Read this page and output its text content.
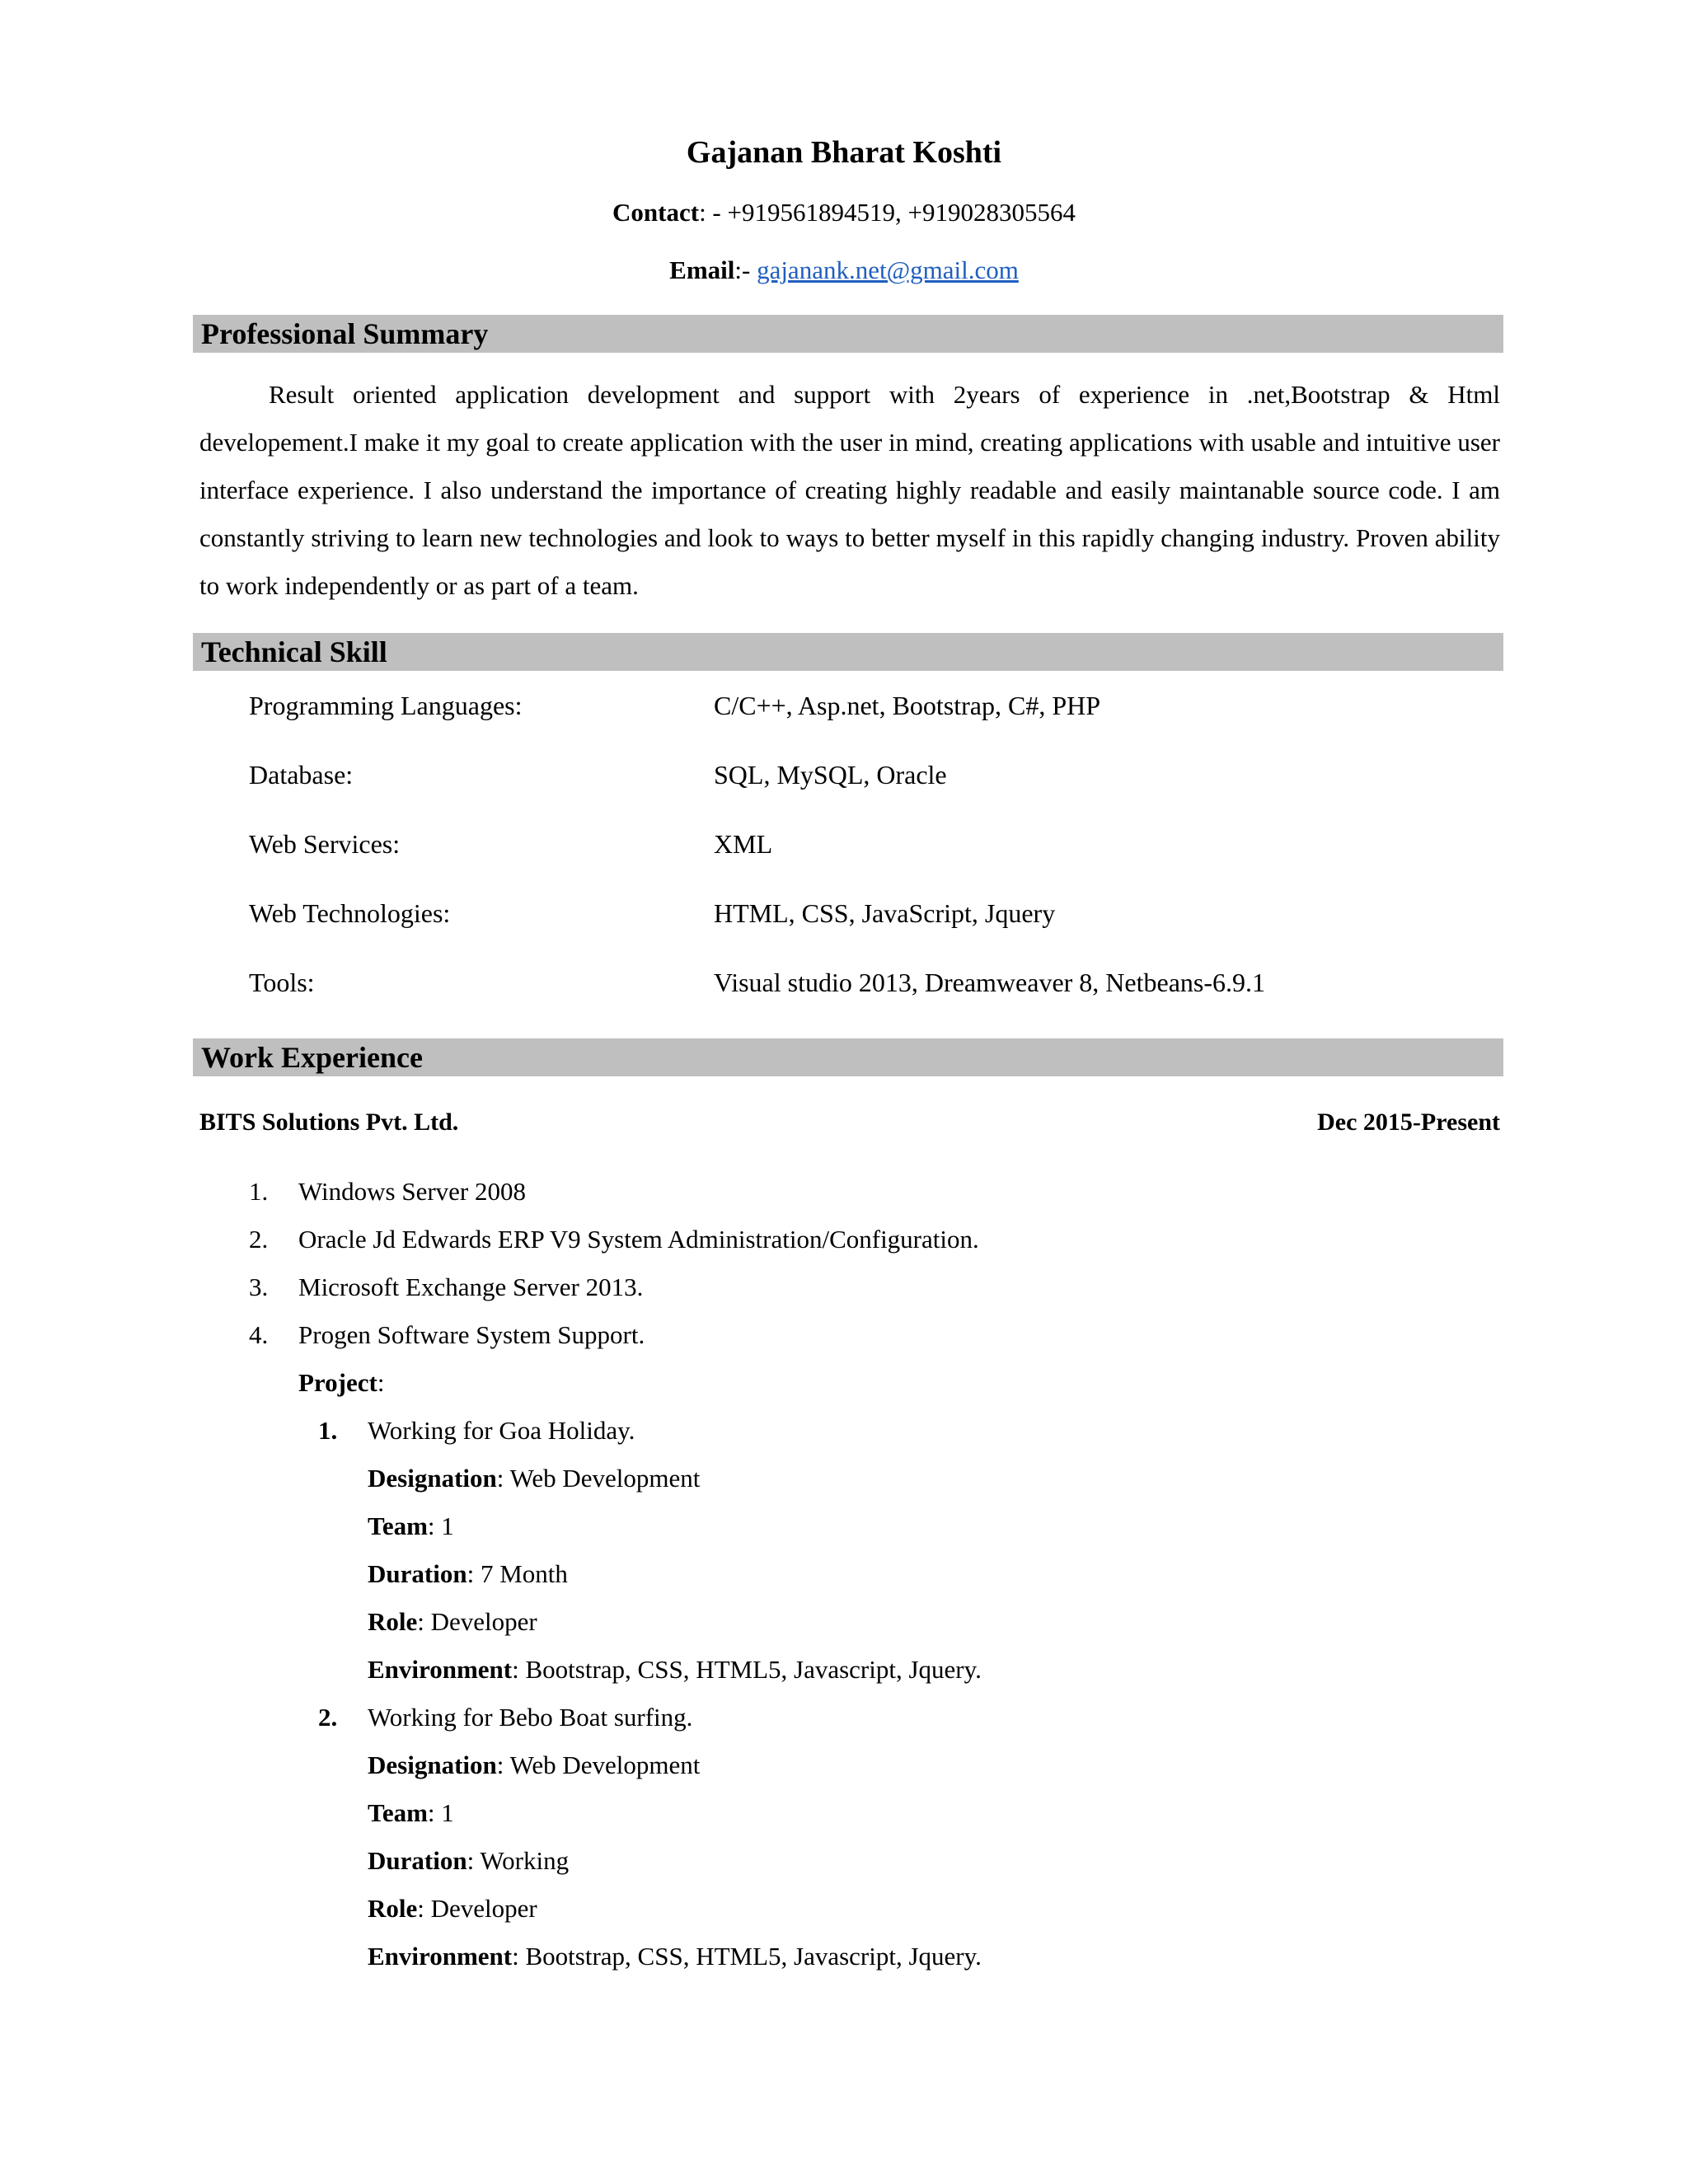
Gajanan Bharat Koshti
Contact: - +919561894519, +919028305564
Email:- gajanank.net@gmail.com
Professional Summary
Result oriented application development and support with 2years of experience in .net,Bootstrap & Html developement.I make it my goal to create application with the user in mind, creating applications with usable and intuitive user interface experience. I also understand the importance of creating highly readable and easily maintanable source code. I am constantly striving to learn new technologies and look to ways to better myself in this rapidly changing industry. Proven ability to work independently or as part of a team.
Technical Skill
Programming Languages:	C/C++, Asp.net, Bootstrap, C#, PHP
Database:	SQL, MySQL, Oracle
Web Services:	XML
Web Technologies:	HTML, CSS, JavaScript, Jquery
Tools:	Visual studio 2013, Dreamweaver 8, Netbeans-6.9.1
Work Experience
BITS Solutions Pvt. Ltd.	Dec 2015-Present
1. Windows Server 2008
2. Oracle Jd Edwards ERP V9 System Administration/Configuration.
3. Microsoft Exchange Server 2013.
4. Progen Software System Support.
Project:
1. Working for Goa Holiday.
Designation: Web Development
Team: 1
Duration: 7 Month
Role: Developer
Environment: Bootstrap, CSS, HTML5, Javascript, Jquery.
2. Working for Bebo Boat surfing.
Designation: Web Development
Team: 1
Duration: Working
Role: Developer
Environment: Bootstrap, CSS, HTML5, Javascript, Jquery.
